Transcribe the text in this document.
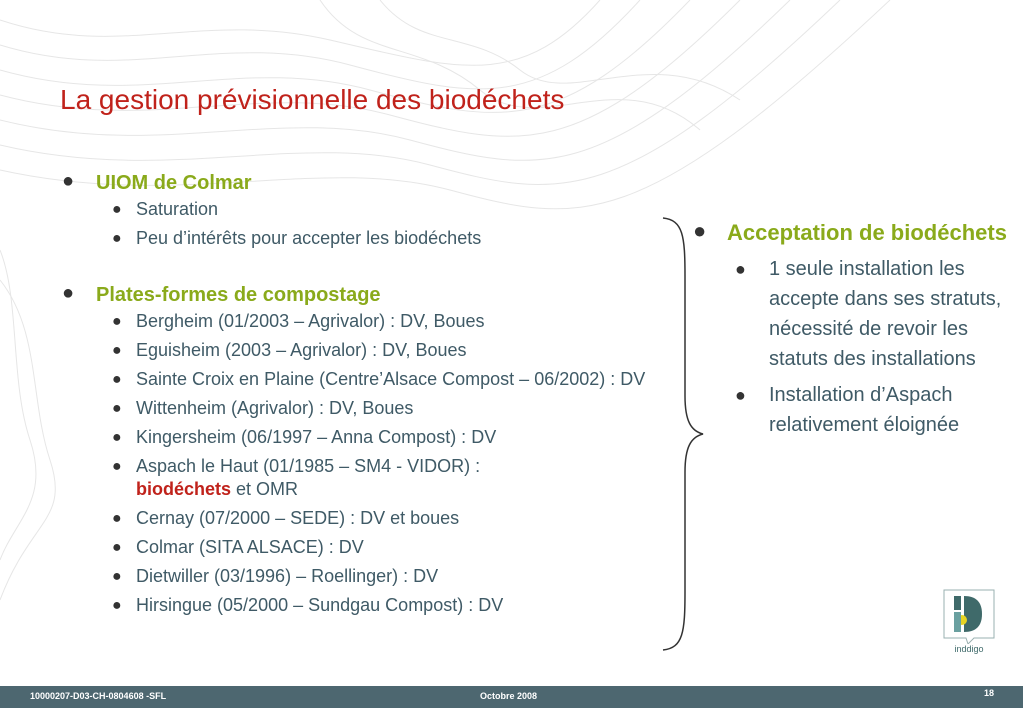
La gestion prévisionnelle des biodéchets
●	UIOM de Colmar
● Saturation
● Peu d’intérêts pour accepter les biodéchets
●	Plates-formes de compostage
● Bergheim (01/2003 – Agrivalor) : DV, Boues
● Eguisheim (2003 – Agrivalor) : DV, Boues
● Sainte Croix en Plaine (Centre’Alsace Compost – 06/2002) : DV
● Wittenheim (Agrivalor) : DV, Boues
● Kingersheim (06/1997 – Anna Compost) : DV
● Aspach le Haut (01/1985 – SM4 - VIDOR) :
biodéchets et OMR
● Cernay (07/2000 – SEDE) : DV et boues
● Colmar (SITA ALSACE) : DV
● Dietwiller (03/1996) – Roellinger) : DV
● Hirsingue (05/2000 – Sundgau Compost) : DV
● Acceptation de biodéchets
●	1 seule installation les accepte dans ses stratuts, nécessité de revoir les statuts des installations
●	Installation d’Aspach relativement éloignée
inddigo
10000207-D03-CH-0804608 -SFL	Octobre 2008	18
